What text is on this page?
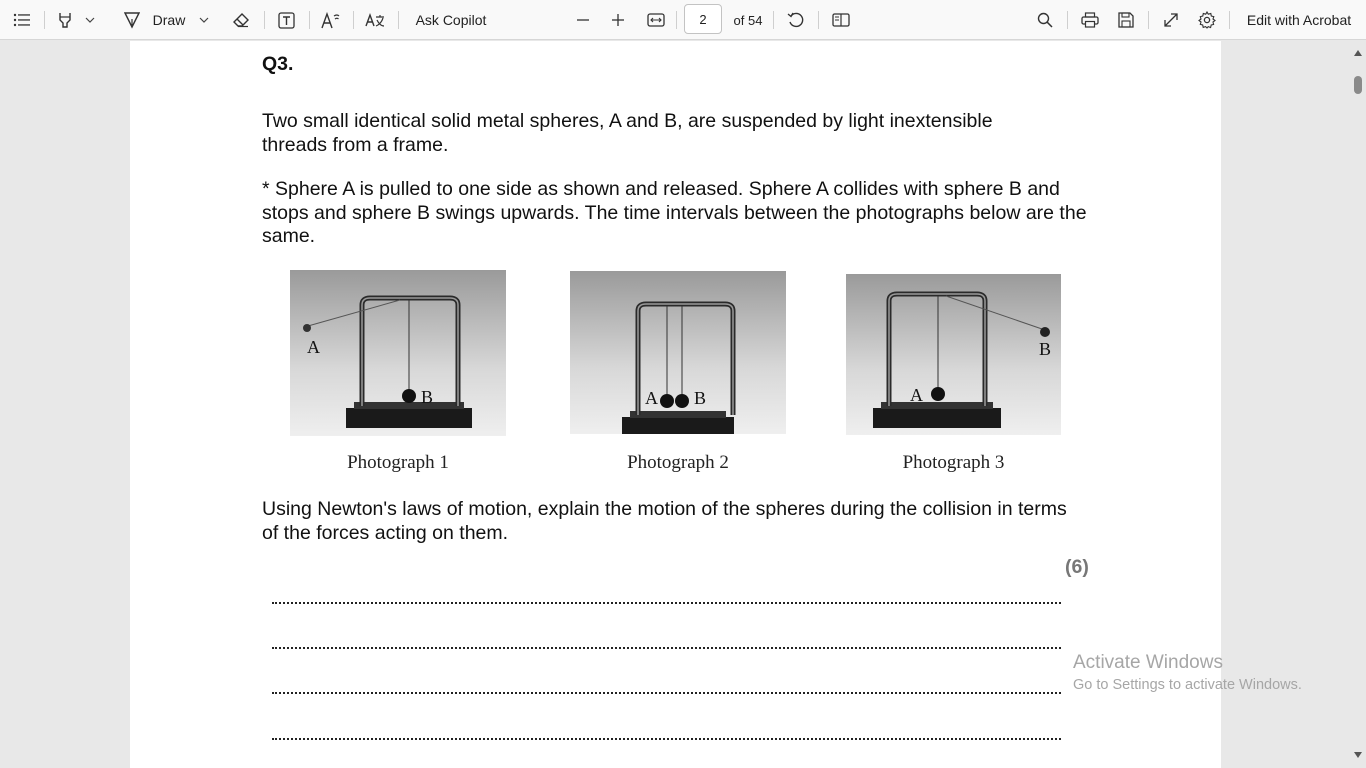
Draw	Ask Copilot	2	of 54	Edit with Acrobat

Q3.

Two small identical solid metal spheres, A and B, are suspended by light inextensible threads from a frame.

* Sphere A is pulled to one side as shown and released. Sphere A collides with sphere B and stops and sphere B swings upwards. The time intervals between the photographs below are the same.

A
B
Photograph 1
A B
Photograph 2
A
B
Photograph 3

Using Newton's laws of motion, explain the motion of the spheres during the collision in terms of the forces acting on them.

(6)
Activate Windows
Go to Settings to activate Windows.
